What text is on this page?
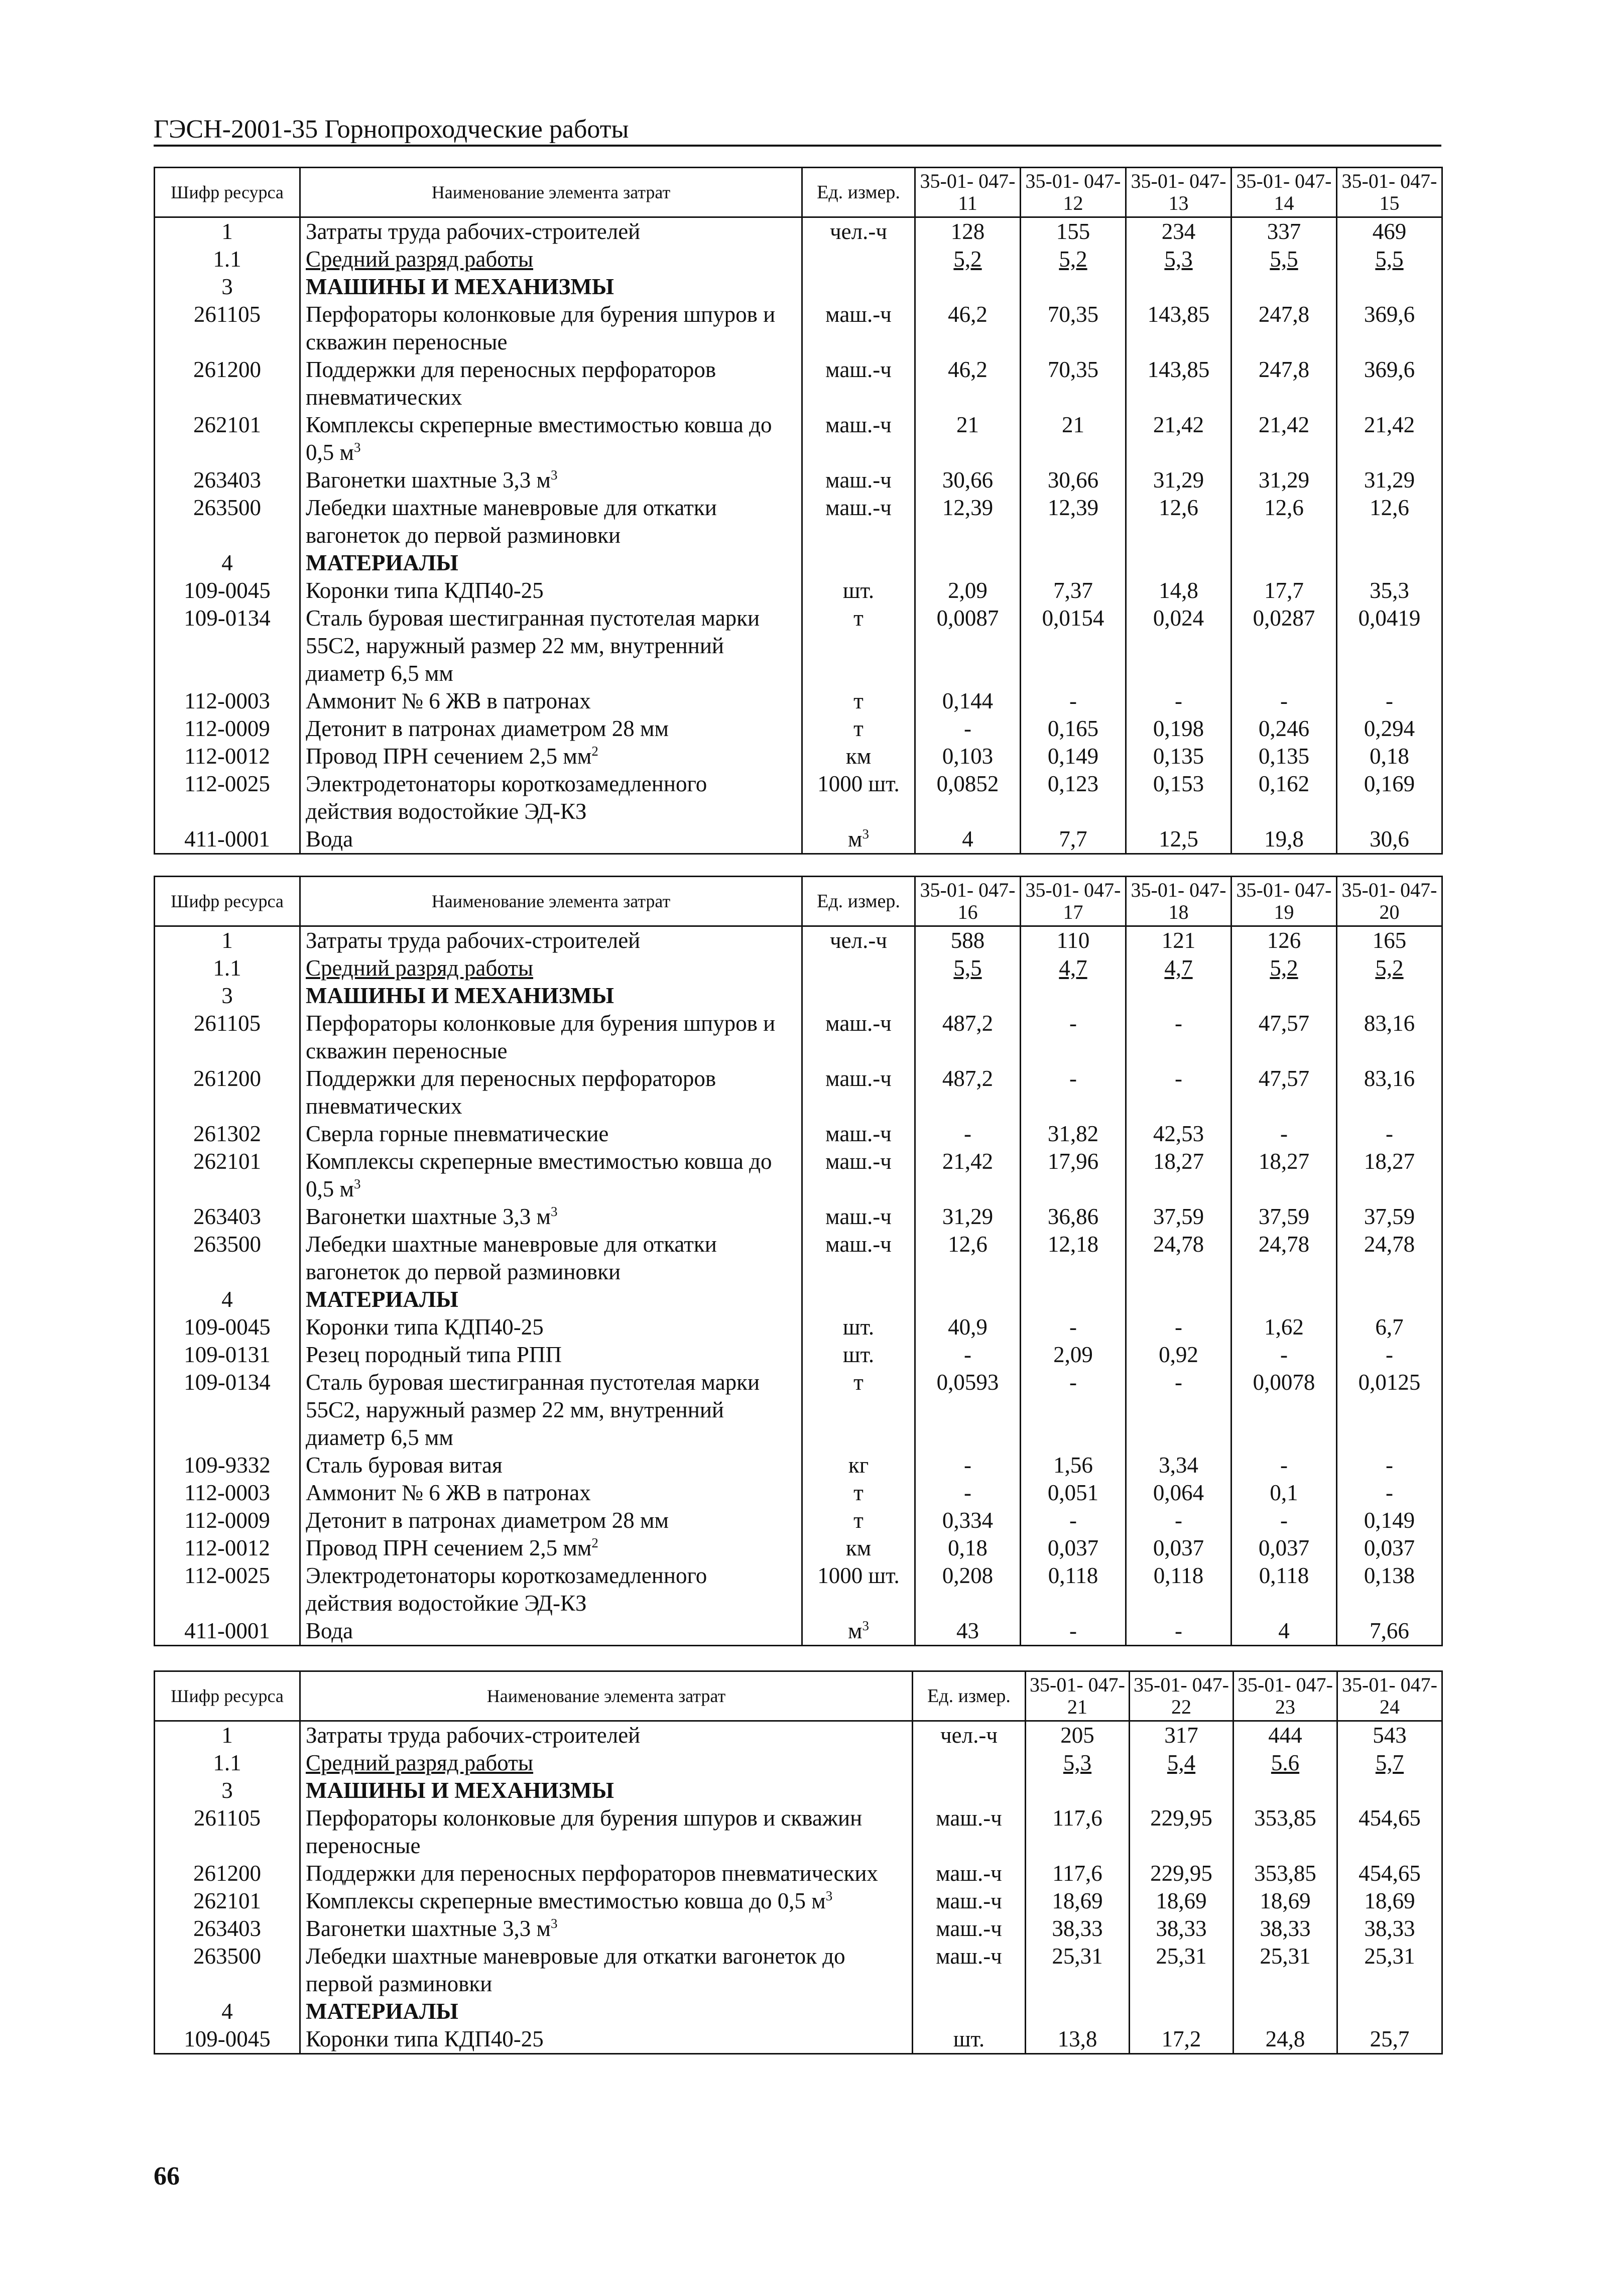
ГЭСН-2001-35 Горнопроходческие работы
Шифр ресурса	Наименование элемента затрат	Ед. измер.	35-01- 047-11	35-01- 047-12	35-01- 047-13	35-01- 047-14	35-01- 047-15
1	Затраты труда рабочих-строителей	чел.-ч	128	155	234	337	469
1.1	Средний разряд работы		5,2	5,2	5,3	5,5	5,5
3	МАШИНЫ И МЕХАНИЗМЫ						
261105	Перфораторы колонковые для бурения шпуров и скважин переносные	маш.-ч	46,2	70,35	143,85	247,8	369,6
261200	Поддержки для переносных перфораторов пневматических	маш.-ч	46,2	70,35	143,85	247,8	369,6
262101	Комплексы скреперные вместимостью ковша до 0,5 $м^3$	маш.-ч	21	21	21,42	21,42	21,42
263403	Вагонетки шахтные 3,3 $м^3$	маш.-ч	30,66	30,66	31,29	31,29	31,29
263500	Лебедки шахтные маневровые для откатки вагонеток до первой разминовки	маш.-ч	12,39	12,39	12,6	12,6	12,6
4	МАТЕРИАЛЫ						
109-0045	Коронки типа КДП40-25	шт.	2,09	7,37	14,8	17,7	35,3
109-0134	Сталь буровая шестигранная пустотелая марки 55С2, наружный размер 22 мм, внутренний диаметр 6,5 мм	т	0,0087	0,0154	0,024	0,0287	0,0419
112-0003	Аммонит № 6 ЖВ в патронах	т	0,144	-	-	-	-
112-0009	Детонит в патронах диаметром 28 мм	т	-	0,165	0,198	0,246	0,294
112-0012	Провод ПРН сечением 2,5 $мм^2$	км	0,103	0,149	0,135	0,135	0,18
112-0025	Электродетонаторы короткозамедленного действия водостойкие ЭД-КЗ	1000 шт.	0,0852	0,123	0,153	0,162	0,169
411-0001	Вода	$м^3$	4	7,7	12,5	19,8	30,6
Шифр ресурса	Наименование элемента затрат	Ед. измер.	35-01- 047-16	35-01- 047-17	35-01- 047-18	35-01- 047-19	35-01- 047-20
1	Затраты труда рабочих-строителей	чел.-ч	588	110	121	126	165
1.1	Средний разряд работы		5,5	4,7	4,7	5,2	5,2
3	МАШИНЫ И МЕХАНИЗМЫ						
261105	Перфораторы колонковые для бурения шпуров и скважин переносные	маш.-ч	487,2	-	-	47,57	83,16
261200	Поддержки для переносных перфораторов пневматических	маш.-ч	487,2	-	-	47,57	83,16
261302	Сверла горные пневматические	маш.-ч	-	31,82	42,53	-	-
262101	Комплексы скреперные вместимостью ковша до 0,5 $м^3$	маш.-ч	21,42	17,96	18,27	18,27	18,27
263403	Вагонетки шахтные 3,3 $м^3$	маш.-ч	31,29	36,86	37,59	37,59	37,59
263500	Лебедки шахтные маневровые для откатки вагонеток до первой разминовки	маш.-ч	12,6	12,18	24,78	24,78	24,78
4	МАТЕРИАЛЫ						
109-0045	Коронки типа КДП40-25	шт.	40,9	-	-	1,62	6,7
109-0131	Резец породный типа РПП	шт.	-	2,09	0,92	-	-
109-0134	Сталь буровая шестигранная пустотелая марки 55С2, наружный размер 22 мм, внутренний диаметр 6,5 мм	т	0,0593	-	-	0,0078	0,0125
109-9332	Сталь буровая витая	кг	-	1,56	3,34	-	-
112-0003	Аммонит № 6 ЖВ в патронах	т	-	0,051	0,064	0,1	-
112-0009	Детонит в патронах диаметром 28 мм	т	0,334	-	-	-	0,149
112-0012	Провод ПРН сечением 2,5 $мм^2$	км	0,18	0,037	0,037	0,037	0,037
112-0025	Электродетонаторы короткозамедленного действия водостойкие ЭД-КЗ	1000 шт.	0,208	0,118	0,118	0,118	0,138
411-0001	Вода	$м^3$	43	-	-	4	7,66
Шифр ресурса	Наименование элемента затрат	Ед. измер.	35-01- 047-21	35-01- 047-22	35-01- 047-23	35-01- 047-24
1	Затраты труда рабочих-строителей	чел.-ч	205	317	444	543
1.1	Средний разряд работы		5,3	5,4	5.6	5,7
3	МАШИНЫ И МЕХАНИЗМЫ					
261105	Перфораторы колонковые для бурения шпуров и скважин переносные	маш.-ч	117,6	229,95	353,85	454,65
261200	Поддержки для переносных перфораторов пневматических	маш.-ч	117,6	229,95	353,85	454,65
262101	Комплексы скреперные вместимостью ковша до 0,5 $м^3$	маш.-ч	18,69	18,69	18,69	18,69
263403	Вагонетки шахтные 3,3 $м^3$	маш.-ч	38,33	38,33	38,33	38,33
263500	Лебедки шахтные маневровые для откатки вагонеток до первой разминовки	маш.-ч	25,31	25,31	25,31	25,31
4	МАТЕРИАЛЫ					
109-0045	Коронки типа КДП40-25	шт.	13,8	17,2	24,8	25,7
66
